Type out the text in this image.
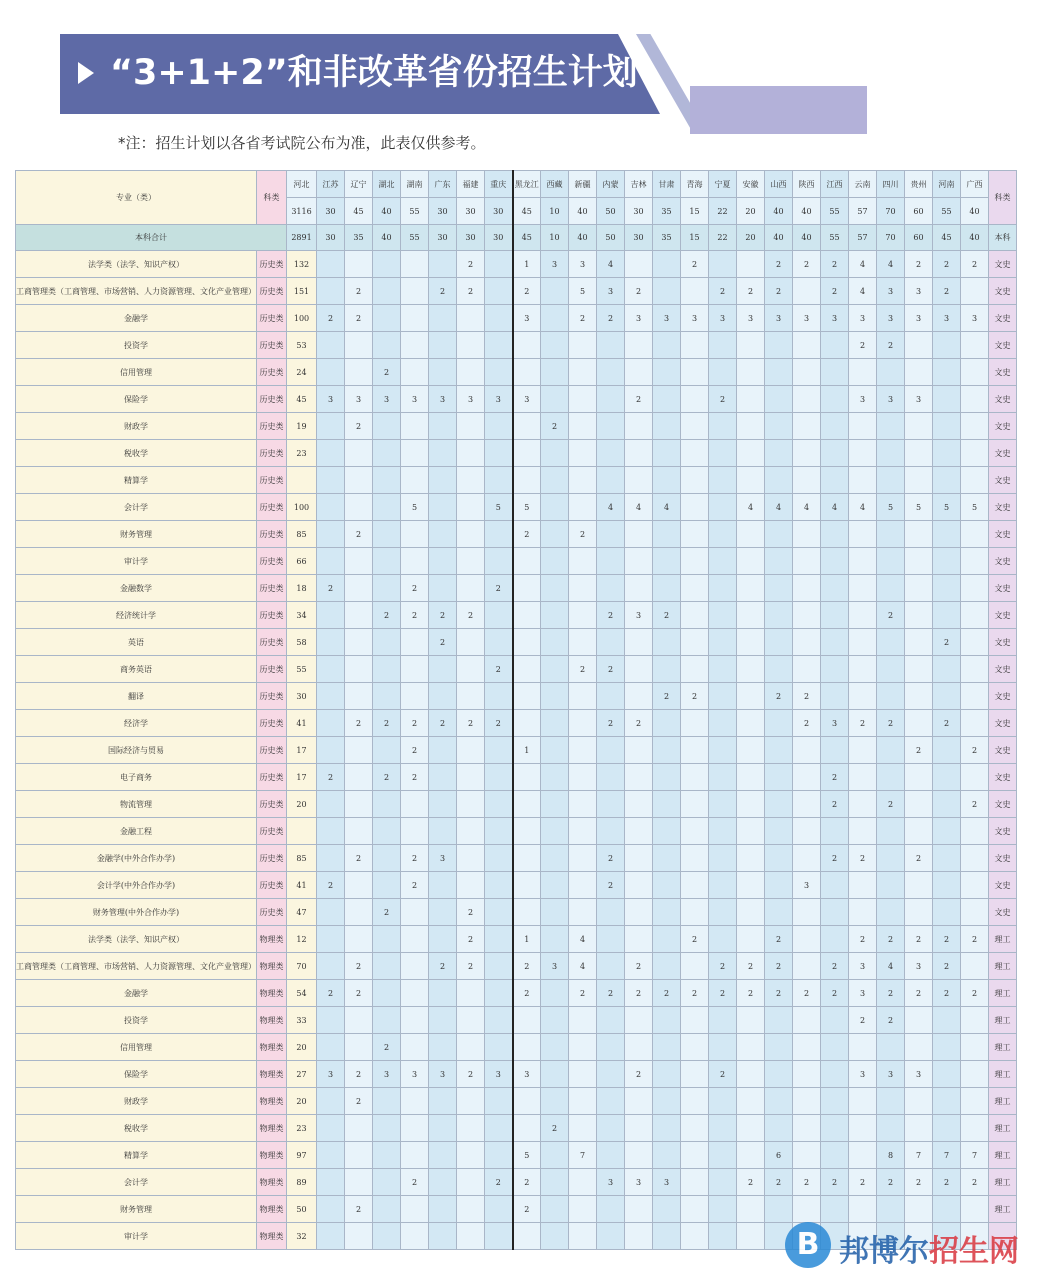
“3+1+2”和非改革省份招生计划
*注：招生计划以各省考试院公布为准，此表仅供参考。
专业（类）	科类	河北	江苏	辽宁	湖北	湖南	广东	福建	重庆	黑龙江	西藏	新疆	内蒙	吉林	甘肃	青海	宁夏	安徽	山西	陕西	江西	云南	四川	贵州	河南	广西	科类
		3116	30	45	40	55	30	30	30	45	10	40	50	30	35	15	22	20	40	40	55	57	70	60	55	40	
本科合计		2891	30	35	40	55	30	30	30	45	10	40	50	30	35	15	22	20	40	40	55	57	70	60	45	40	本科
法学类（法学、知识产权）	历史类	132						2		1	3	3	4			2			2	2	2	4	4	2	2	2	文史
工商管理类（工商管理、市场营销、人力资源管理、文化产业管理）	历史类	151		2			2	2		2		5	3	2			2	2	2		2	4	3	3	2		文史
金融学	历史类	100	2	2						3		2	2	3	3	3	3	3	3	3	3	3	3	3	3	3	文史
投资学	历史类	53																				2	2				文史
信用管理	历史类	24			2																						文史
保险学	历史类	45	3	3	3	3	3	3	3	3				2			2					3	3	3			文史
财政学	历史类	19		2							2																文史
税收学	历史类	23																									文史
精算学	历史类																										文史
会计学	历史类	100				5			5	5			4	4	4			4	4	4	4	4	5	5	5	5	文史
财务管理	历史类	85		2						2		2															文史
审计学	历史类	66																									文史
金融数学	历史类	18	2			2			2																		文史
经济统计学	历史类	34			2	2	2	2					2	3	2								2				文史
英语	历史类	58					2																		2		文史
商务英语	历史类	55							2			2	2														文史
翻译	历史类	30													2	2			2	2							文史
经济学	历史类	41		2	2	2	2	2	2				2	2						2	3	2	2		2		文史
国际经济与贸易	历史类	17				2				1														2		2	文史
电子商务	历史类	17	2		2	2															2						文史
物流管理	历史类	20																			2		2			2	文史
金融工程	历史类																										文史
金融学(中外合作办学)	历史类	85		2		2	3						2								2	2		2			文史
会计学(中外合作办学)	历史类	41	2			2							2							3							文史
财务管理(中外合作办学)	历史类	47			2			2																			文史
法学类（法学、知识产权）	物理类	12						2		1		4				2			2			2	2	2	2	2	理工
工商管理类（工商管理、市场营销、人力资源管理、文化产业管理）	物理类	70		2			2	2		2	3	4		2			2	2	2		2	3	4	3	2		理工
金融学	物理类	54	2	2						2		2	2	2	2	2	2	2	2	2	2	3	2	2	2	2	理工
投资学	物理类	33																				2	2				理工
信用管理	物理类	20			2																						理工
保险学	物理类	27	3	2	3	3	3	2	3	3				2			2					3	3	3			理工
财政学	物理类	20		2																							理工
税收学	物理类	23									2																理工
精算学	物理类	97								5		7							6				8	7	7	7	理工
会计学	物理类	89				2			2	2			3	3	3			2	2	2	2	2	2	2	2	2	理工
财务管理	物理类	50		2						2																	理工
审计学	物理类	32																										B 邦博尔招生网
